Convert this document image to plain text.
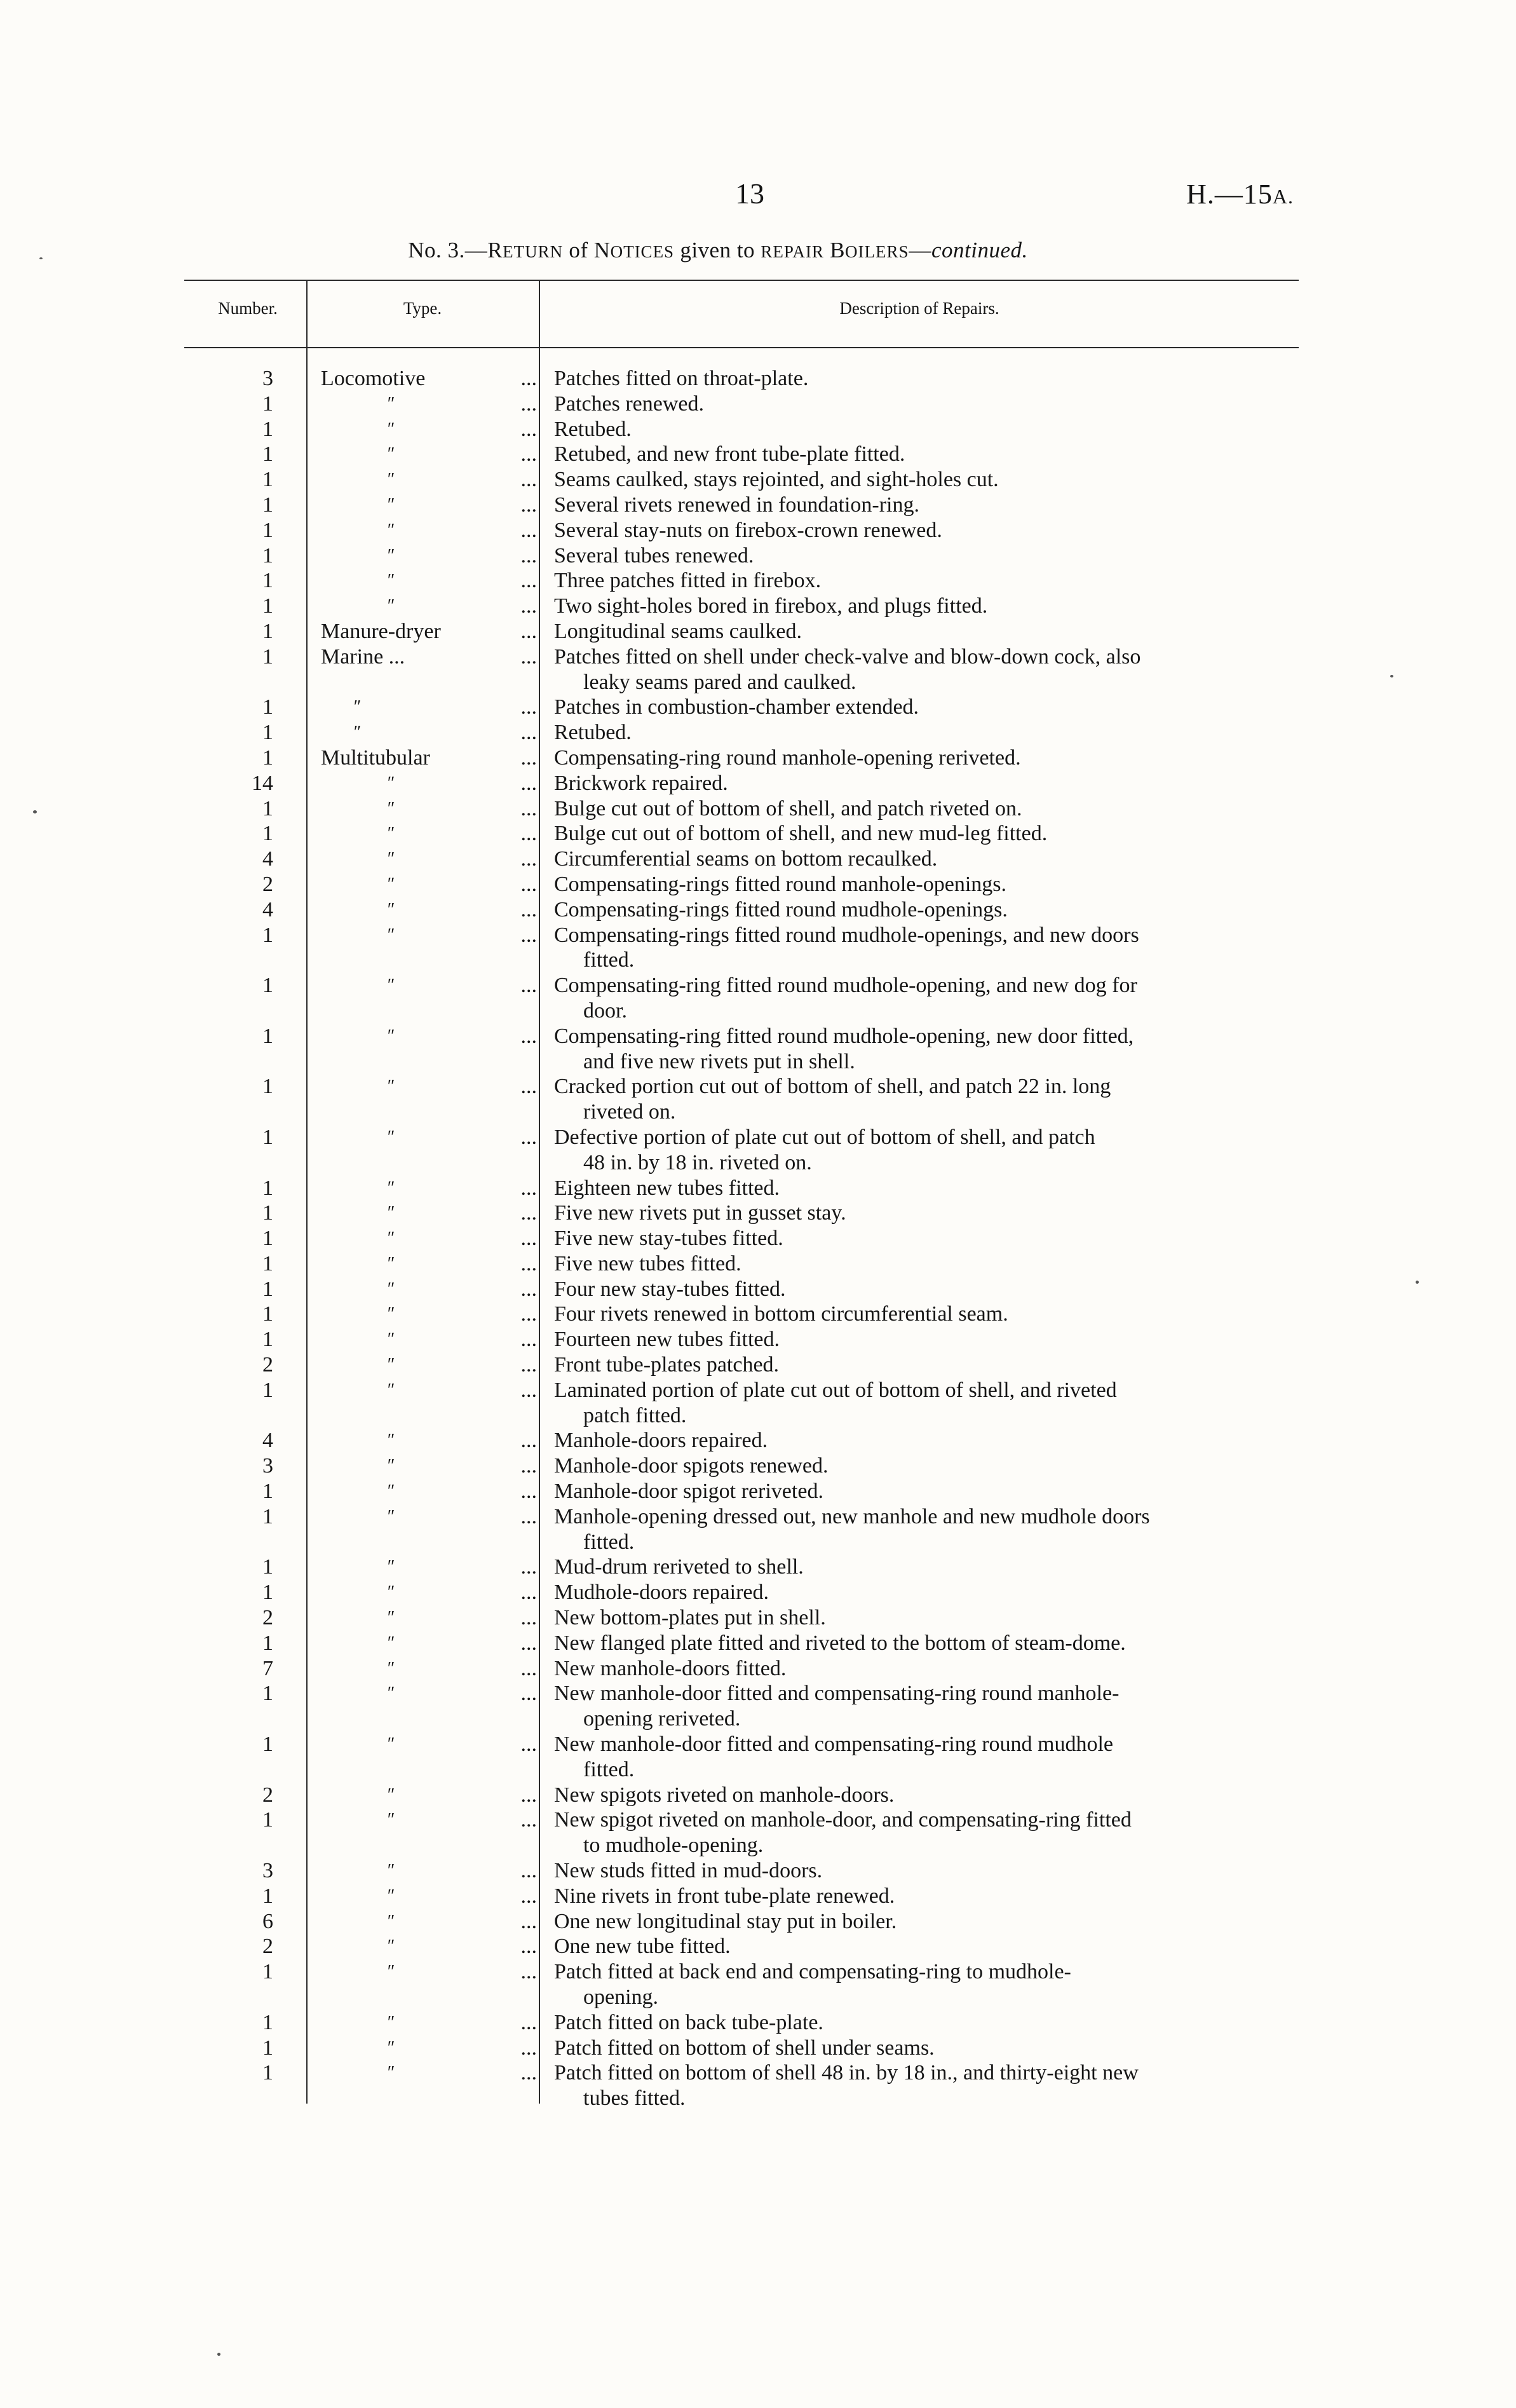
13	H.—15A.
No. 3.—RETURN of NOTICES given to REPAIR BOILERS—continued.
Number.	Type.	Description of Repairs.
3 Locomotive	... Patches fitted on throat-plate.
1	″	... Patches renewed.
1	″	... Retubed.
1	″	... Retubed, and new front tube-plate fitted.
1	″	... Seams caulked, stays rejointed, and sight-holes cut.
1	″	... Several rivets renewed in foundation-ring.
1	″	... Several stay-nuts on firebox-crown renewed.
1	″	... Several tubes renewed.
1	″	... Three patches fitted in firebox.
1	″	... Two sight-holes bored in firebox, and plugs fitted.
1 Manure-dryer	... Longitudinal seams caulked.
1 Marine ...	... Patches fitted on shell under check-valve and blow-down cock, also
leaky seams pared and caulked.
1	″	... Patches in combustion-chamber extended.
1	″	... Retubed.
1 Multitubular	... Compensating-ring round manhole-opening reriveted.
14	″	... Brickwork repaired.
1	″	... Bulge cut out of bottom of shell, and patch riveted on.
1	″	... Bulge cut out of bottom of shell, and new mud-leg fitted.
4	″	... Circumferential seams on bottom recaulked.
2	″	... Compensating-rings fitted round manhole-openings.
4	″	... Compensating-rings fitted round mudhole-openings.
1	″	... Compensating-rings fitted round mudhole-openings, and new doors
fitted.
1	″	... Compensating-ring fitted round mudhole-opening, and new dog for
door.
1	″	... Compensating-ring fitted round mudhole-opening, new door fitted,
and five new rivets put in shell.
1	″	... Cracked portion cut out of bottom of shell, and patch 22 in. long
riveted on.
1	″	... Defective portion of plate cut out of bottom of shell, and patch
48 in. by 18 in. riveted on.
1	″	... Eighteen new tubes fitted.
1	″	... Five new rivets put in gusset stay.
1	″	... Five new stay-tubes fitted.
1	″	... Five new tubes fitted.
1	″	... Four new stay-tubes fitted.
1	″	... Four rivets renewed in bottom circumferential seam.
1	″	... Fourteen new tubes fitted.
2	″	... Front tube-plates patched.
1	″	... Laminated portion of plate cut out of bottom of shell, and riveted
patch fitted.
4	″	... Manhole-doors repaired.
3	″	... Manhole-door spigots renewed.
1	″	... Manhole-door spigot reriveted.
1	″	... Manhole-opening dressed out, new manhole and new mudhole doors
fitted.
1	″	... Mud-drum reriveted to shell.
1	″	... Mudhole-doors repaired.
2	″	... New bottom-plates put in shell.
1	″	... New flanged plate fitted and riveted to the bottom of steam-dome.
7	″	... New manhole-doors fitted.
1	″	... New manhole-door fitted and compensating-ring round manhole-
opening reriveted.
1	″	... New manhole-door fitted and compensating-ring round mudhole
fitted.
2	″	... New spigots riveted on manhole-doors.
1	″	... New spigot riveted on manhole-door, and compensating-ring fitted
to mudhole-opening.
3	″	... New studs fitted in mud-doors.
1	″	... Nine rivets in front tube-plate renewed.
6	″	... One new longitudinal stay put in boiler.
2	″	... One new tube fitted.
1	″	... Patch fitted at back end and compensating-ring to mudhole-
opening.
1	″	... Patch fitted on back tube-plate.
1	″	... Patch fitted on bottom of shell under seams.
1	″	... Patch fitted on bottom of shell 48 in. by 18 in., and thirty-eight new
tubes fitted.
